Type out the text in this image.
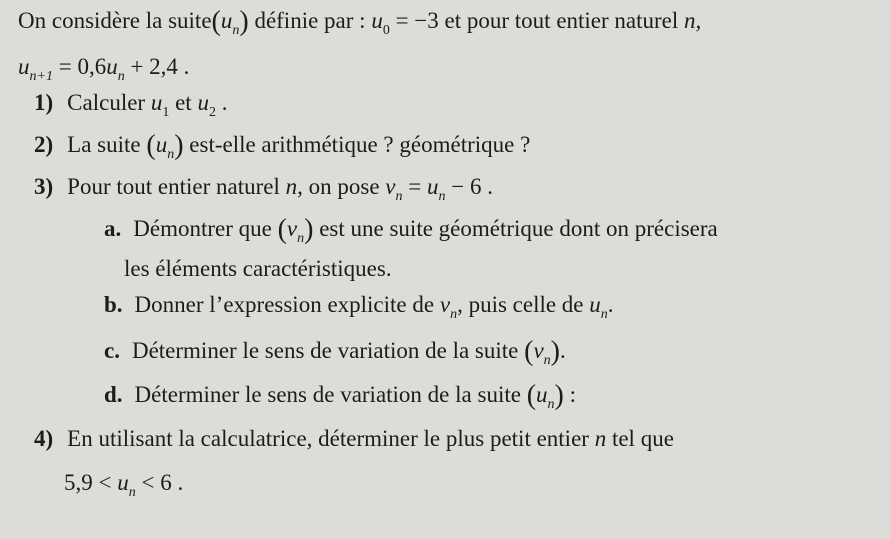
On considère la $suite(u_n)$ définie par : $u_0 = -3$ et pour tout entier naturel n,
$u_{n+1} = 0,6u_n + 2,4$ .
1) Calculer $u_1$ et $u_2$ .
2) La suite $(u_n)$ est-elle arithmétique ? géométrique ?
3) Pour tout entier naturel n, on pose $v_n = u_n - 6$ .
a. Démontrer que $(v_n)$ est une suite géométrique dont on précisera
les éléments caractéristiques.
b. Donner l’expression explicite de $v_n$, puis celle de $u_n$.
c. Déterminer le sens de variation de la suite $(v_n)$.
d. Déterminer le sens de variation de la suite $(u_n)$ :
4) En utilisant la calculatrice, déterminer le plus petit entier n tel que
$5,9 < u_n < 6$ .
